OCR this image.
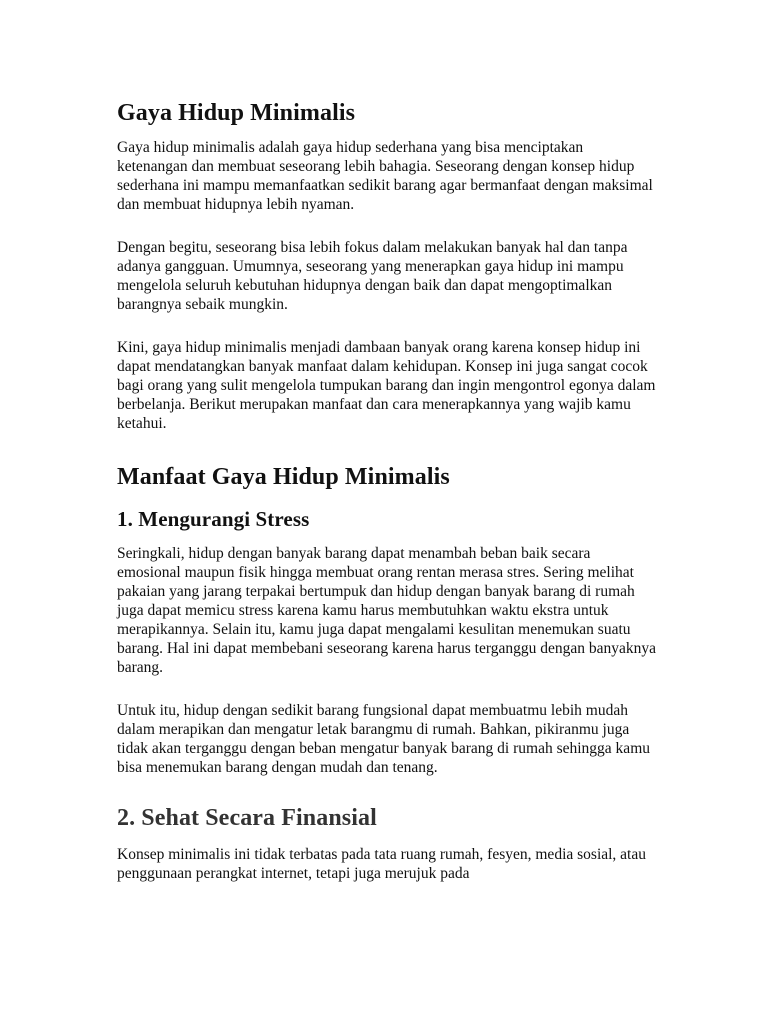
Gaya Hidup Minimalis

Gaya hidup minimalis adalah gaya hidup sederhana yang bisa menciptakan ketenangan dan membuat seseorang lebih bahagia. Seseorang dengan konsep hidup sederhana ini mampu memanfaatkan sedikit barang agar bermanfaat dengan maksimal dan membuat hidupnya lebih nyaman.

Dengan begitu, seseorang bisa lebih fokus dalam melakukan banyak hal dan tanpa adanya gangguan. Umumnya, seseorang yang menerapkan gaya hidup ini mampu mengelola seluruh kebutuhan hidupnya dengan baik dan dapat mengoptimalkan barangnya sebaik mungkin.

Kini, gaya hidup minimalis menjadi dambaan banyak orang karena konsep hidup ini dapat mendatangkan banyak manfaat dalam kehidupan. Konsep ini juga sangat cocok bagi orang yang sulit mengelola tumpukan barang dan ingin mengontrol egonya dalam berbelanja. Berikut merupakan manfaat dan cara menerapkannya yang wajib kamu ketahui.

Manfaat Gaya Hidup Minimalis
1. Mengurangi Stress

Seringkali, hidup dengan banyak barang dapat menambah beban baik secara emosional maupun fisik hingga membuat orang rentan merasa stres. Sering melihat pakaian yang jarang terpakai bertumpuk dan hidup dengan banyak barang di rumah juga dapat memicu stress karena kamu harus membutuhkan waktu ekstra untuk merapikannya. Selain itu, kamu juga dapat mengalami kesulitan menemukan suatu barang. Hal ini dapat membebani seseorang karena harus terganggu dengan banyaknya barang.

Untuk itu, hidup dengan sedikit barang fungsional dapat membuatmu lebih mudah dalam merapikan dan mengatur letak barangmu di rumah. Bahkan, pikiranmu juga tidak akan terganggu dengan beban mengatur banyak barang di rumah sehingga kamu bisa menemukan barang dengan mudah dan tenang.

2. Sehat Secara Finansial

Konsep minimalis ini tidak terbatas pada tata ruang rumah, fesyen, media sosial, atau penggunaan perangkat internet, tetapi juga merujuk pada
